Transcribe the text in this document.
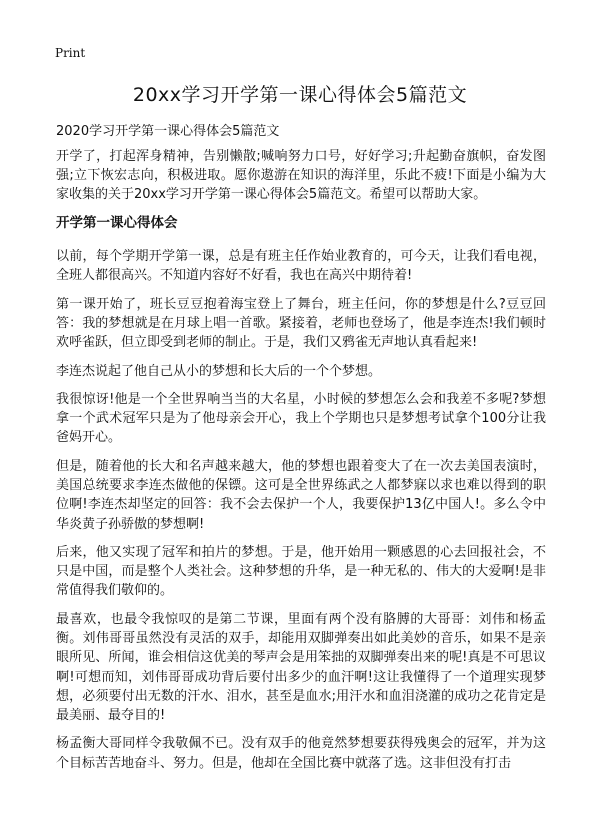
Print
20xx学习开学第一课心得体会5篇范文

2020学习开学第一课心得体会5篇范文

开学了，打起浑身精神，告别懒散;喊响努力口号，好好学习;升起勤奋旗帜，奋发图强;立下恢宏志向，积极进取。愿你遨游在知识的海洋里，乐此不疲!下面是小编为大家收集的关于20xx学习开学第一课心得体会5篇范文。希望可以帮助大家。

开学第一课心得体会

以前，每个学期开学第一课，总是有班主任作始业教育的，可今天，让我们看电视，全班人都很高兴。不知道内容好不好看，我也在高兴中期待着!

第一课开始了，班长豆豆抱着海宝登上了舞台，班主任问，你的梦想是什么?豆豆回答：我的梦想就是在月球上唱一首歌。紧接着，老师也登场了，他是李连杰!我们顿时欢呼雀跃，但立即受到老师的制止。于是，我们又鸦雀无声地认真看起来!

李连杰说起了他自己从小的梦想和长大后的一个个梦想。

我很惊讶!他是一个全世界响当当的大名星，小时候的梦想怎么会和我差不多呢?梦想拿一个武术冠军只是为了他母亲会开心，我上个学期也只是梦想考试拿个100分让我爸妈开心。

但是，随着他的长大和名声越来越大，他的梦想也跟着变大了在一次去美国表演时，美国总统要求李连杰做他的保镖。这可是全世界练武之人都梦寐以求也难以得到的职位啊!李连杰却坚定的回答：我不会去保护一个人，我要保护13亿中国人!。多么令中华炎黄子孙骄傲的梦想啊!

后来，他又实现了冠军和拍片的梦想。于是，他开始用一颗感恩的心去回报社会，不只是中国，而是整个人类社会。这种梦想的升华，是一种无私的、伟大的大爱啊!是非常值得我们敬仰的。

最喜欢，也最令我惊叹的是第二节课，里面有两个没有胳膊的大哥哥：刘伟和杨孟衡。刘伟哥哥虽然没有灵活的双手，却能用双脚弹奏出如此美妙的音乐，如果不是亲眼所见、所闻，谁会相信这优美的琴声会是用笨拙的双脚弹奏出来的呢!真是不可思议啊!可想而知，刘伟哥哥成功背后要付出多少的血汗啊!这让我懂得了一个道理实现梦想，必须要付出无数的汗水、泪水，甚至是血水;用汗水和血泪浇灌的成功之花肯定是最美丽、最夺目的!

杨孟衡大哥同样令我敬佩不已。没有双手的他竟然梦想要获得残奥会的冠军，并为这个目标苦苦地奋斗、努力。但是，他却在全国比赛中就落了选。这非但没有打击
